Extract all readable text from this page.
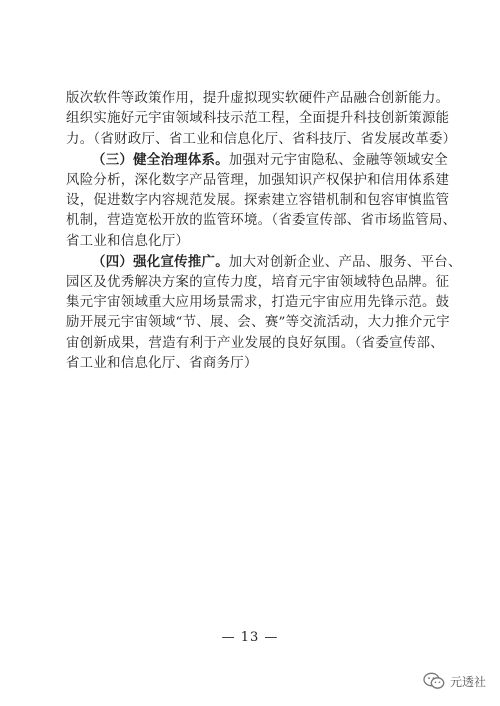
版次软件等政策作用，提升虚拟现实软硬件产品融合创新能力。
组织实施好元宇宙领域科技示范工程，全面提升科技创新策源能
力。（省财政厅、省工业和信息化厅、省科技厅、省发展改革委）
（三）健全治理体系。加强对元宇宙隐私、金融等领域安全
风险分析，深化数字产品管理，加强知识产权保护和信用体系建
设，促进数字内容规范发展。探索建立容错机制和包容审慎监管
机制，营造宽松开放的监管环境。（省委宣传部、省市场监管局、
省工业和信息化厅）
（四）强化宣传推广。加大对创新企业、产品、服务、平台、
园区及优秀解决方案的宣传力度，培育元宇宙领域特色品牌。征
集元宇宙领域重大应用场景需求，打造元宇宙应用先锋示范。鼓
励开展元宇宙领域“节、展、会、赛”等交流活动，大力推介元宇
宙创新成果，营造有利于产业发展的良好氛围。（省委宣传部、
省工业和信息化厅、省商务厅）
— 13 —
元透社
